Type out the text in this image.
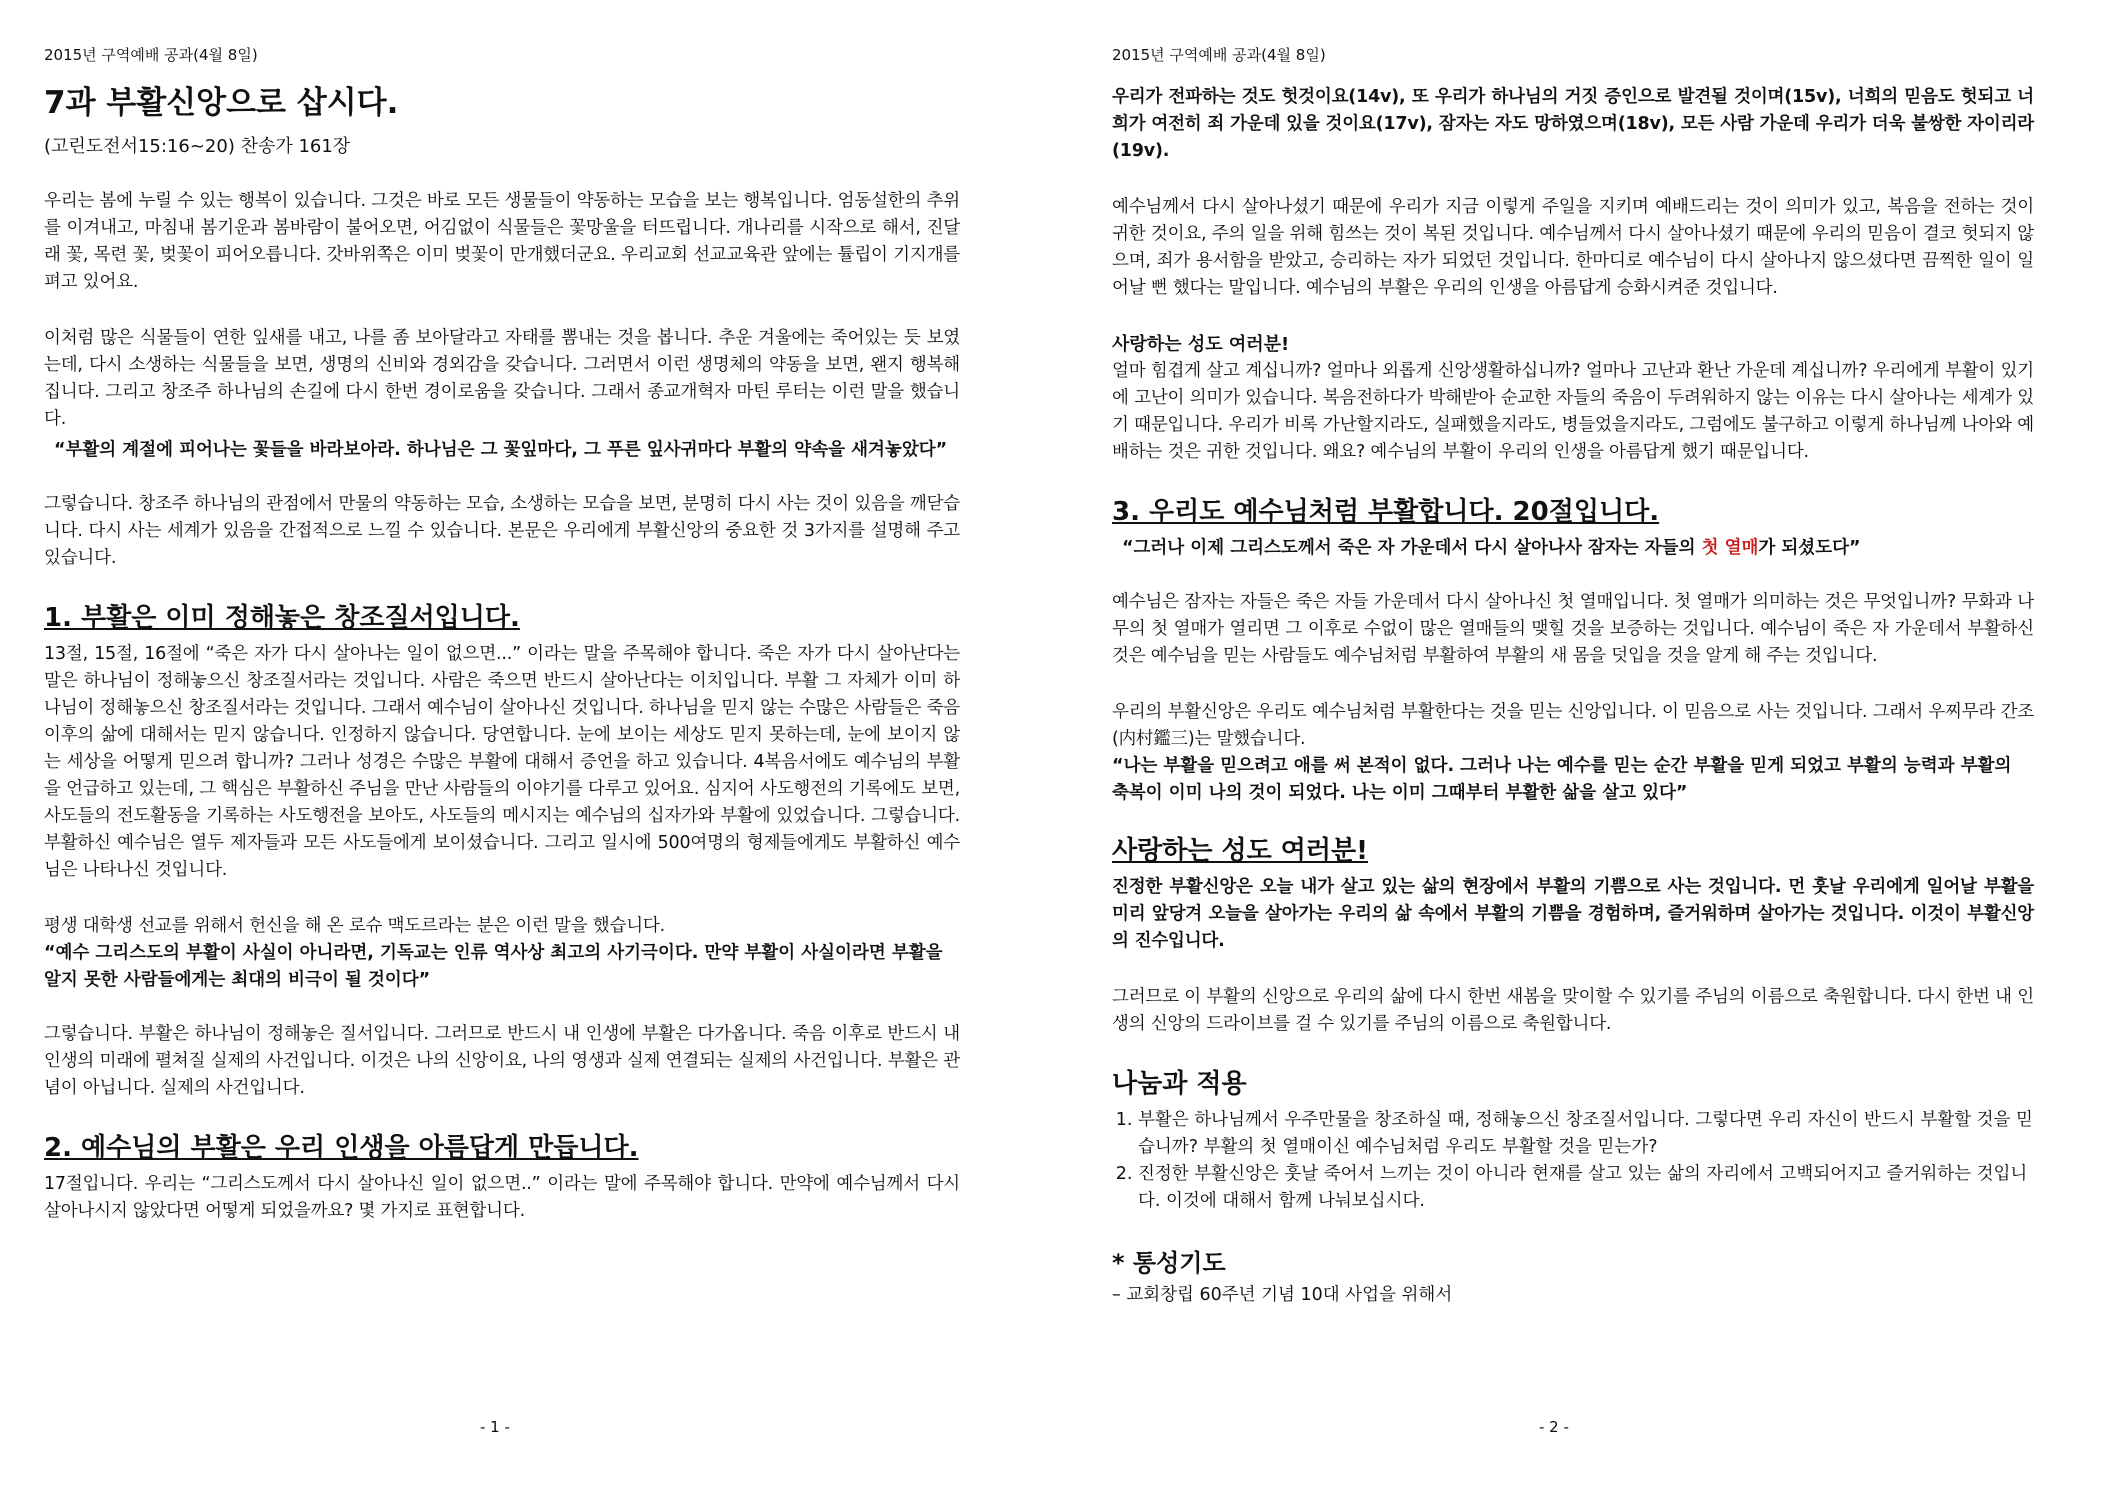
2015년 구역예배 공과(4월 8일)
7과 부활신앙으로 삽시다.
(고린도전서15:16~20) 찬송가 161장

우리는 봄에 누릴 수 있는 행복이 있습니다. 그것은 바로 모든 생물들이 약동하는 모습을 보는 행복입니다. 엄동설한의 추위를 이겨내고, 마침내 봄기운과 봄바람이 불어오면, 어김없이 식물들은 꽃망울을 터뜨립니다. 개나리를 시작으로 해서, 진달래 꽃, 목련 꽃, 벚꽃이 피어오릅니다. 갓바위쪽은 이미 벚꽃이 만개했더군요. 우리교회 선교교육관 앞에는 튤립이 기지개를 펴고 있어요.

이처럼 많은 식물들이 연한 잎새를 내고, 나를 좀 보아달라고 자태를 뽐내는 것을 봅니다. 추운 겨울에는 죽어있는 듯 보였는데, 다시 소생하는 식물들을 보면, 생명의 신비와 경외감을 갖습니다. 그러면서 이런 생명체의 약동을 보면, 왠지 행복해집니다. 그리고 창조주 하나님의 손길에 다시 한번 경이로움을 갖습니다. 그래서 종교개혁자 마틴 루터는 이런 말을 했습니다.

“부활의 계절에 피어나는 꽃들을 바라보아라. 하나님은 그 꽃잎마다, 그 푸른 잎사귀마다 부활의 약속을 새겨놓았다”

그렇습니다. 창조주 하나님의 관점에서 만물의 약동하는 모습, 소생하는 모습을 보면, 분명히 다시 사는 것이 있음을 깨닫습니다. 다시 사는 세계가 있음을 간접적으로 느낄 수 있습니다. 본문은 우리에게 부활신앙의 중요한 것 3가지를 설명해 주고 있습니다.

1. 부활은 이미 정해놓은 창조질서입니다.

13절, 15절, 16절에 “죽은 자가 다시 살아나는 일이 없으면...” 이라는 말을 주목해야 합니다. 죽은 자가 다시 살아난다는 말은 하나님이 정해놓으신 창조질서라는 것입니다. 사람은 죽으면 반드시 살아난다는 이치입니다. 부활 그 자체가 이미 하나님이 정해놓으신 창조질서라는 것입니다. 그래서 예수님이 살아나신 것입니다. 하나님을 믿지 않는 수많은 사람들은 죽음 이후의 삶에 대해서는 믿지 않습니다. 인정하지 않습니다. 당연합니다. 눈에 보이는 세상도 믿지 못하는데, 눈에 보이지 않는 세상을 어떻게 믿으려 합니까? 그러나 성경은 수많은 부활에 대해서 증언을 하고 있습니다. 4복음서에도 예수님의 부활을 언급하고 있는데, 그 핵심은 부활하신 주님을 만난 사람들의 이야기를 다루고 있어요. 심지어 사도행전의 기록에도 보면, 사도들의 전도활동을 기록하는 사도행전을 보아도, 사도들의 메시지는 예수님의 십자가와 부활에 있었습니다. 그렇습니다. 부활하신 예수님은 열두 제자들과 모든 사도들에게 보이셨습니다. 그리고 일시에 500여명의 형제들에게도 부활하신 예수님은 나타나신 것입니다.

평생 대학생 선교를 위해서 헌신을 해 온 로슈 맥도르라는 분은 이런 말을 했습니다.

“예수 그리스도의 부활이 사실이 아니라면, 기독교는 인류 역사상 최고의 사기극이다. 만약 부활이 사실이라면 부활을 알지 못한 사람들에게는 최대의 비극이 될 것이다”

그렇습니다. 부활은 하나님이 정해놓은 질서입니다. 그러므로 반드시 내 인생에 부활은 다가옵니다. 죽음 이후로 반드시 내 인생의 미래에 펼쳐질 실제의 사건입니다. 이것은 나의 신앙이요, 나의 영생과 실제 연결되는 실제의 사건입니다. 부활은 관념이 아닙니다. 실제의 사건입니다.

2. 예수님의 부활은 우리 인생을 아름답게 만듭니다.

17절입니다. 우리는 “그리스도께서 다시 살아나신 일이 없으면..” 이라는 말에 주목해야 합니다. 만약에 예수님께서 다시 살아나시지 않았다면 어떻게 되었을까요? 몇 가지로 표현합니다.

- 1 -
2015년 구역예배 공과(4월 8일)

우리가 전파하는 것도 헛것이요(14v), 또 우리가 하나님의 거짓 증인으로 발견될 것이며(15v), 너희의 믿음도 헛되고 너희가 여전히 죄 가운데 있을 것이요(17v), 잠자는 자도 망하였으며(18v), 모든 사람 가운데 우리가 더욱 불쌍한 자이리라(19v).

예수님께서 다시 살아나셨기 때문에 우리가 지금 이렇게 주일을 지키며 예배드리는 것이 의미가 있고, 복음을 전하는 것이 귀한 것이요, 주의 일을 위해 힘쓰는 것이 복된 것입니다. 예수님께서 다시 살아나셨기 때문에 우리의 믿음이 결코 헛되지 않으며, 죄가 용서함을 받았고, 승리하는 자가 되었던 것입니다. 한마디로 예수님이 다시 살아나지 않으셨다면 끔찍한 일이 일어날 뻔 했다는 말입니다. 예수님의 부활은 우리의 인생을 아름답게 승화시켜준 것입니다.

사랑하는 성도 여러분!

얼마 힘겹게 살고 계십니까? 얼마나 외롭게 신앙생활하십니까? 얼마나 고난과 환난 가운데 계십니까? 우리에게 부활이 있기에 고난이 의미가 있습니다. 복음전하다가 박해받아 순교한 자들의 죽음이 두려워하지 않는 이유는 다시 살아나는 세계가 있기 때문입니다. 우리가 비록 가난할지라도, 실패했을지라도, 병들었을지라도, 그럼에도 불구하고 이렇게 하나님께 나아와 예배하는 것은 귀한 것입니다. 왜요? 예수님의 부활이 우리의 인생을 아름답게 했기 때문입니다.

3. 우리도 예수님처럼 부활합니다. 20절입니다.
“그러나 이제 그리스도께서 죽은 자 가운데서 다시 살아나사 잠자는 자들의 첫 열매가 되셨도다”

예수님은 잠자는 자들은 죽은 자들 가운데서 다시 살아나신 첫 열매입니다. 첫 열매가 의미하는 것은 무엇입니까? 무화과 나무의 첫 열매가 열리면 그 이후로 수없이 많은 열매들의 맺힐 것을 보증하는 것입니다. 예수님이 죽은 자 가운데서 부활하신 것은 예수님을 믿는 사람들도 예수님처럼 부활하여 부활의 새 몸을 덧입을 것을 알게 해 주는 것입니다.

우리의 부활신앙은 우리도 예수님처럼 부활한다는 것을 믿는 신앙입니다. 이 믿음으로 사는 것입니다. 그래서 우찌무라 간조(内村鑑三)는 말했습니다.

“나는 부활을 믿으려고 애를 써 본적이 없다. 그러나 나는 예수를 믿는 순간 부활을 믿게 되었고 부활의 능력과 부활의 축복이 이미 나의 것이 되었다. 나는 이미 그때부터 부활한 삶을 살고 있다”
사랑하는 성도 여러분!

진정한 부활신앙은 오늘 내가 살고 있는 삶의 현장에서 부활의 기쁨으로 사는 것입니다. 먼 훗날 우리에게 일어날 부활을 미리 앞당겨 오늘을 살아가는 우리의 삶 속에서 부활의 기쁨을 경험하며, 즐거워하며 살아가는 것입니다. 이것이 부활신앙의 진수입니다.

그러므로 이 부활의 신앙으로 우리의 삶에 다시 한번 새봄을 맞이할 수 있기를 주님의 이름으로 축원합니다. 다시 한번 내 인생의 신앙의 드라이브를 걸 수 있기를 주님의 이름으로 축원합니다.

나눔과 적용
1. 부활은 하나님께서 우주만물을 창조하실 때, 정해놓으신 창조질서입니다. 그렇다면 우리 자신이 반드시 부활할 것을 믿습니까? 부활의 첫 열매이신 예수님처럼 우리도 부활할 것을 믿는가?
2. 진정한 부활신앙은 훗날 죽어서 느끼는 것이 아니라 현재를 살고 있는 삶의 자리에서 고백되어지고 즐거워하는 것입니다. 이것에 대해서 함께 나눠보십시다.
* 통성기도
– 교회창립 60주년 기념 10대 사업을 위해서
- 2 -
